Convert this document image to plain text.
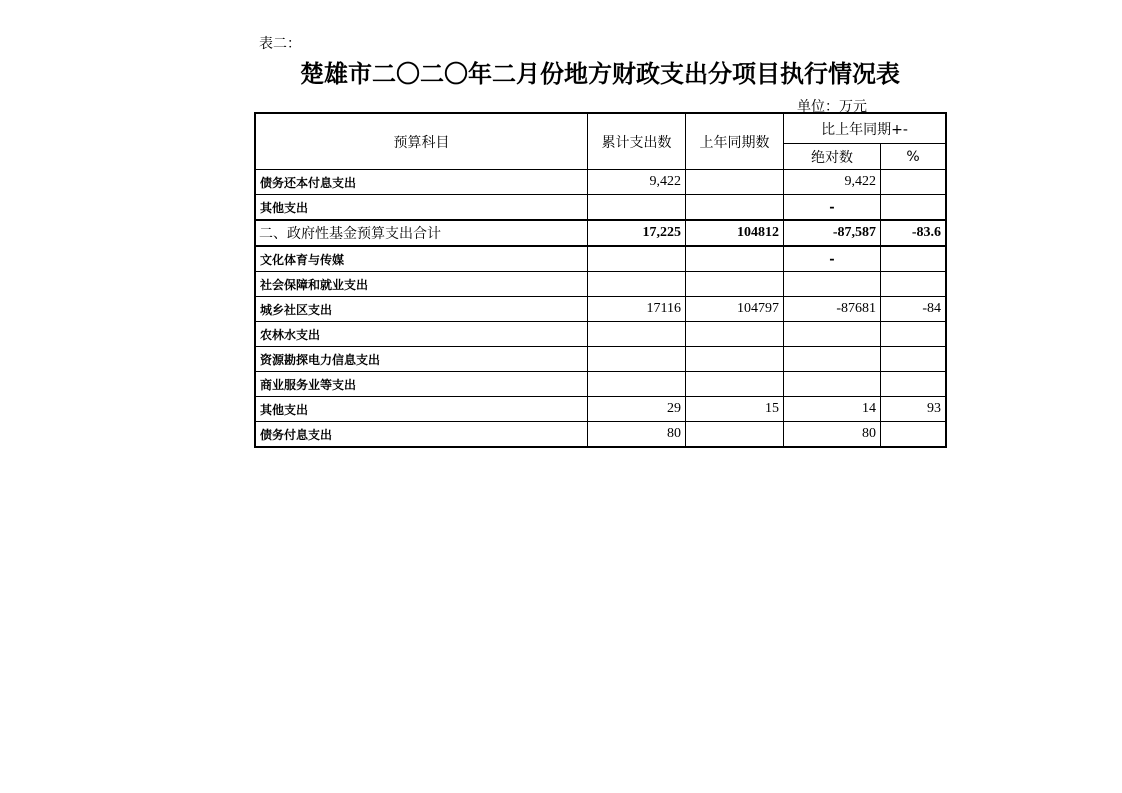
表二：
楚雄市二〇二〇年二月份地方财政支出分项目执行情况表
单位：万元
预算科目	累计支出数	上年同期数	比上年同期+-	
			绝对数	%
债务还本付息支出	9,422		9,422	
其他支出			-	
二、政府性基金预算支出合计	17,225	104812	-87,587	-83.6
文化体育与传媒			-	
社会保障和就业支出				
城乡社区支出	17116	104797	-87681	-84
农林水支出				
资源勘探电力信息支出				
商业服务业等支出				
其他支出	29	15	14	93
债务付息支出	80		80	
